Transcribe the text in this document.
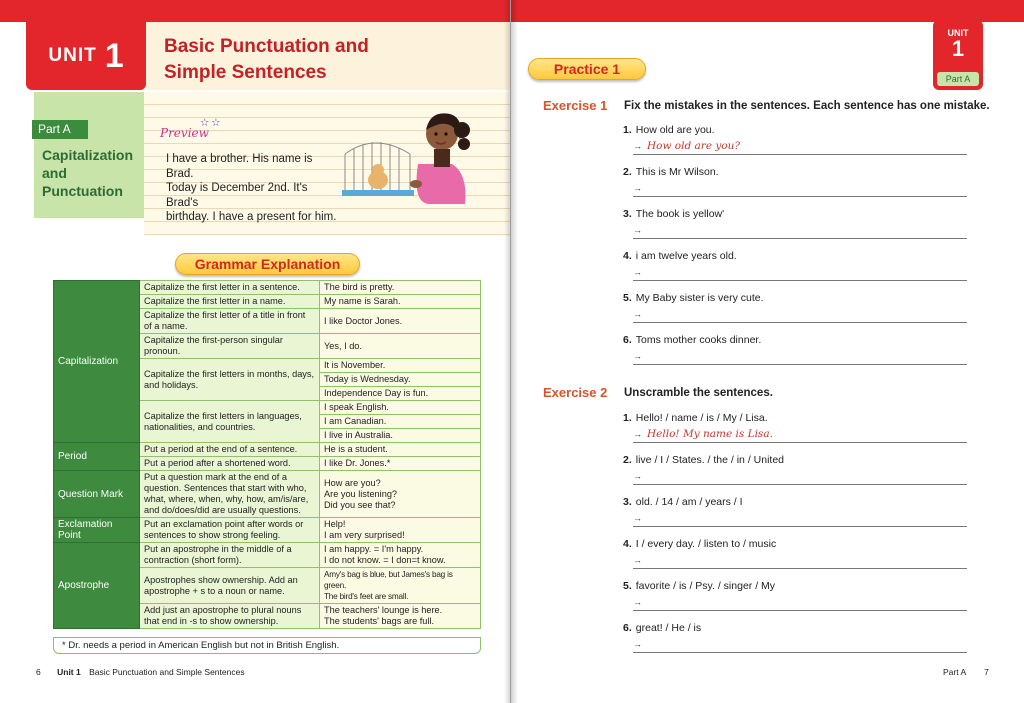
UNIT 1 Basic Punctuation and
Simple Sentences
Part A
Capitalization
and
Punctuation
✫✫
Preview
I have a brother. His name is Brad.
Today is December 2nd. It's Brad's
birthday. I have a present for him.
Grammar Explanation
Capitalization	Capitalize the first letter in a sentence.	The bird is pretty.
	Capitalize the first letter in a name.	My name is Sarah.
	Capitalize the first letter of a title in front of a name.	I like Doctor Jones.
	Capitalize the first-person singular pronoun.	Yes, I do.
	Capitalize the first letters in months, days, and holidays.	It is November.
		Today is Wednesday.
		Independence Day is fun.
	Capitalize the first letters in languages, nationalities, and countries.	I speak English.
		I am Canadian.
		I live in Australia.
Period	Put a period at the end of a sentence.	He is a student.
	Put a period after a shortened word.	I like Dr. Jones.*
Question Mark	Put a question mark at the end of a question. Sentences that start with who, what, where, when, why, how, am/is/are, and do/does/did are usually questions.	How are you?
Are you listening?
Did you see that?

Exclamation Point	Put an exclamation point after words or sentences to show strong feeling.	Help!
I am very surprised!

Apostrophe	Put an apostrophe in the middle of a contraction (short form).	I am happy. = I'm happy.
I do not know. = I don=t know.

	Apostrophes show ownership. Add an apostrophe + s to a noun or name.	Amy's bag is blue, but James's bag is green.
The bird's feet are small.

	Add just an apostrophe to plural nouns that end in -s to show ownership.	The teachers' lounge is here.
The students' bags are full.
* Dr. needs a period in American English but not in British English.
6 Unit 1 Basic Punctuation and Simple Sentences
UNIT
1
Part A
Practice 1
Exercise 1 Fix the mistakes in the sentences. Each sentence has one mistake.
1. How old are you.
→ How old are you?
2. This is Mr Wilson.
→
3. The book is yellow'
→
4. i am twelve years old.
→
5. My Baby sister is very cute.
→
6. Toms mother cooks dinner.
→
Exercise 2 Unscramble the sentences.
1. Hello! / name / is / My / Lisa.
→ Hello! My name is Lisa.
2. live / I / States. / the / in / United
→
3. old. / 14 / am / years / I
→
4. I / every day. / listen to / music
→
5. favorite / is / Psy. / singer / My
→
6. great! / He / is
→
Part A 7
